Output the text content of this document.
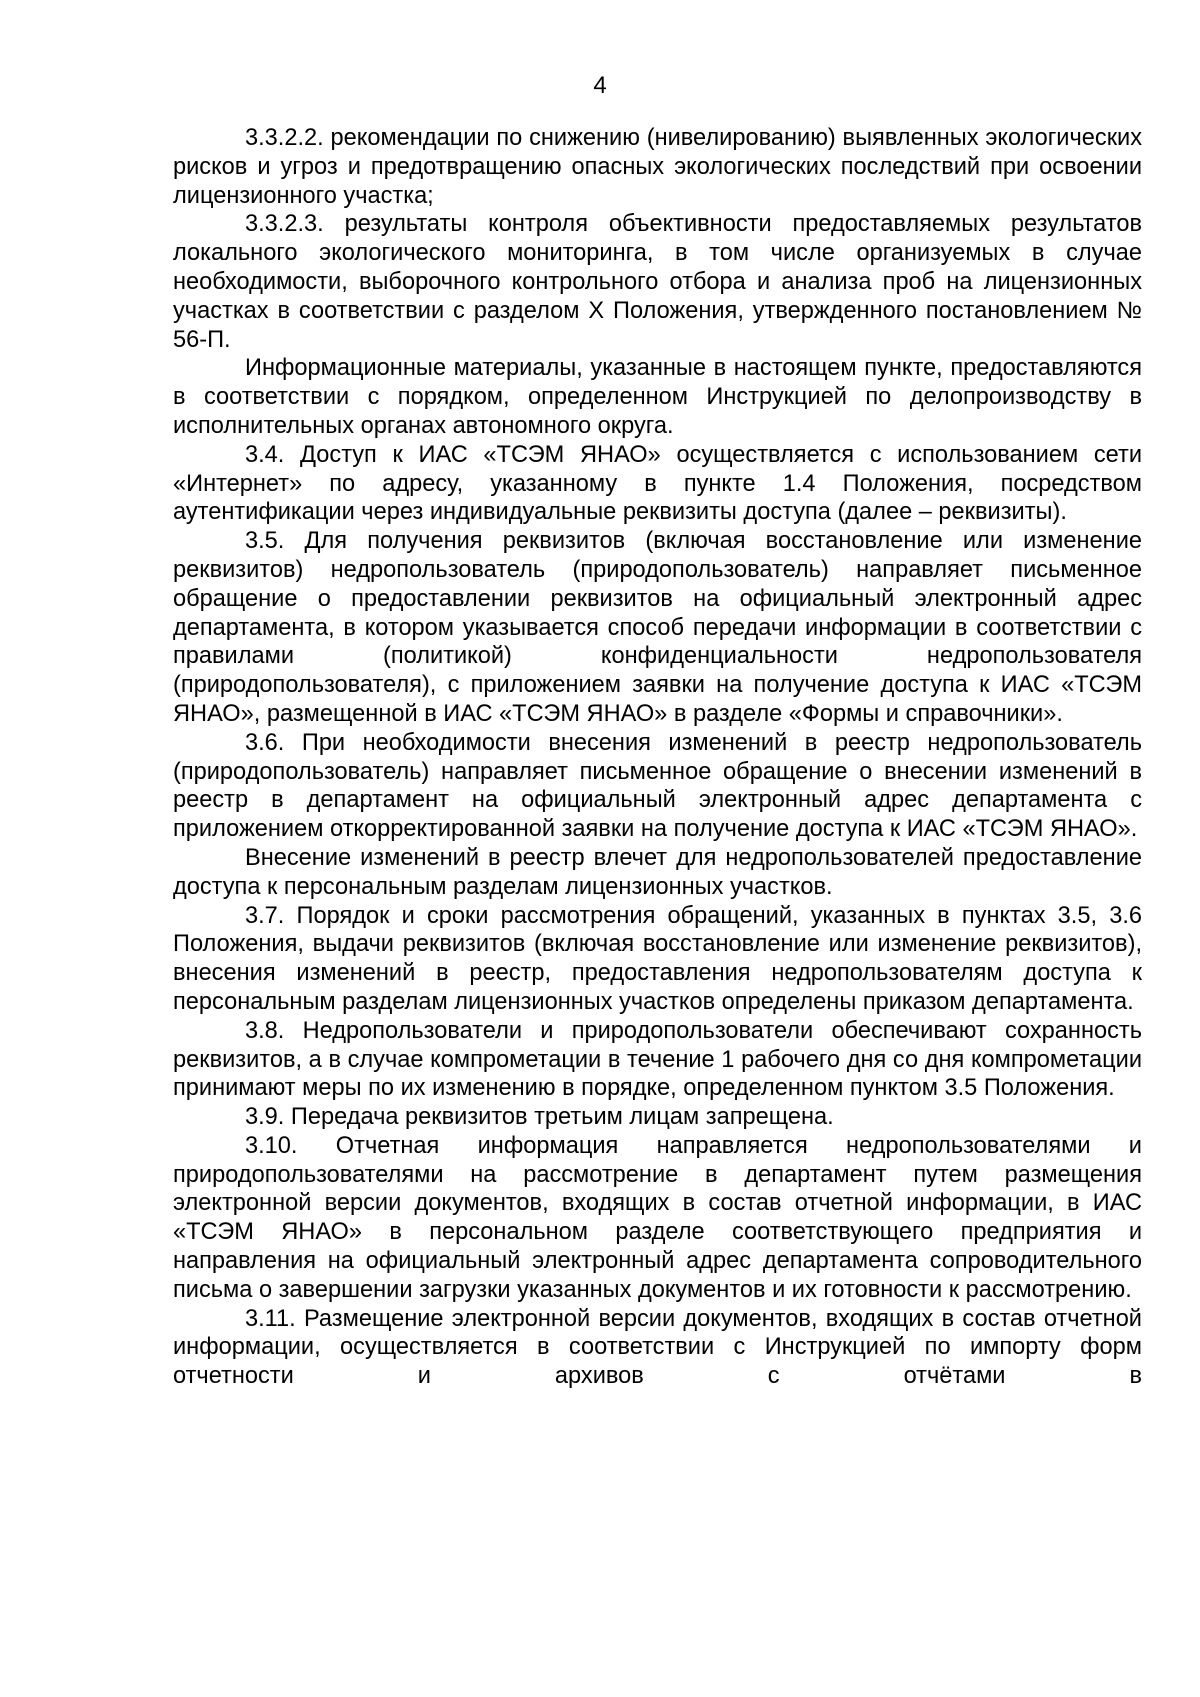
4

3.3.2.2. рекомендации по снижению (нивелированию) выявленных экологических рисков и угроз и предотвращению опасных экологических последствий при освоении лицензионного участка;

3.3.2.3. результаты контроля объективности предоставляемых результатов локального экологического мониторинга, в том числе организуемых в случае необходимости, выборочного контрольного отбора и анализа проб на лицензионных участках в соответствии с разделом X Положения, утвержденного постановлением № 56-П.

Информационные материалы, указанные в настоящем пункте, предоставляются в соответствии с порядком, определенном Инструкцией по делопроизводству в исполнительных органах автономного округа.

3.4. Доступ к ИАС «ТСЭМ ЯНАО» осуществляется с использованием сети «Интернет» по адресу, указанному в пункте 1.4 Положения, посредством аутентификации через индивидуальные реквизиты доступа (далее – реквизиты).

3.5. Для получения реквизитов (включая восстановление или изменение реквизитов) недропользователь (природопользователь) направляет письменное обращение о предоставлении реквизитов на официальный электронный адрес департамента, в котором указывается способ передачи информации в соответствии с правилами (политикой) конфиденциальности недропользователя (природопользователя), с приложением заявки на получение доступа к ИАС «ТСЭМ ЯНАО», размещенной в ИАС «ТСЭМ ЯНАО» в разделе «Формы и справочники».

3.6. При необходимости внесения изменений в реестр недропользователь (природопользователь) направляет письменное обращение о внесении изменений в реестр в департамент на официальный электронный адрес департамента с приложением откорректированной заявки на получение доступа к ИАС «ТСЭМ ЯНАО».

Внесение изменений в реестр влечет для недропользователей предоставление доступа к персональным разделам лицензионных участков.

3.7. Порядок и сроки рассмотрения обращений, указанных в пунктах 3.5, 3.6 Положения, выдачи реквизитов (включая восстановление или изменение реквизитов), внесения изменений в реестр, предоставления недропользователям доступа к персональным разделам лицензионных участков определены приказом департамента.

3.8. Недропользователи и природопользователи обеспечивают сохранность реквизитов, а в случае компрометации в течение 1 рабочего дня со дня компрометации принимают меры по их изменению в порядке, определенном пунктом 3.5 Положения.

3.9. Передача реквизитов третьим лицам запрещена.

3.10. Отчетная информация направляется недропользователями и природопользователями на рассмотрение в департамент путем размещения электронной версии документов, входящих в состав отчетной информации, в ИАС «ТСЭМ ЯНАО» в персональном разделе соответствующего предприятия и направления на официальный электронный адрес департамента сопроводительного письма о завершении загрузки указанных документов и их готовности к рассмотрению.

3.11. Размещение электронной версии документов, входящих в состав отчетной информации, осуществляется в соответствии с Инструкцией по импорту форм отчетности и архивов с отчётами в
